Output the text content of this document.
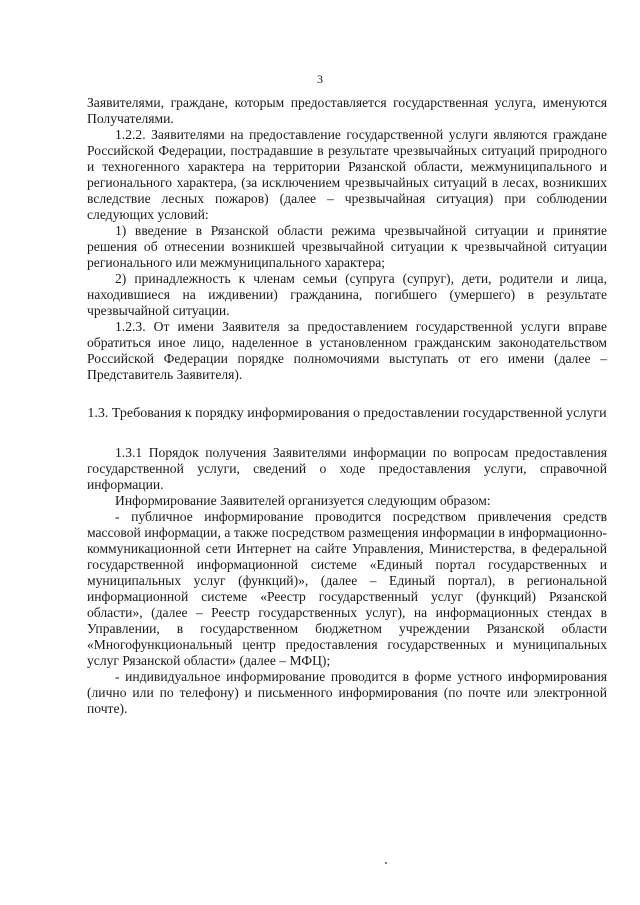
3

Заявителями, граждане, которым предоставляется государственная услуга, именуются Получателями.

1.2.2. Заявителями на предоставление государственной услуги являются граждане Российской Федерации, пострадавшие в результате чрезвычайных ситуаций природного и техногенного характера на территории Рязанской области, межмуниципального и регионального характера, (за исключением чрезвычайных ситуаций в лесах, возникших вследствие лесных пожаров) (далее – чрезвычайная ситуация) при соблюдении следующих условий:

1) введение в Рязанской области режима чрезвычайной ситуации и принятие решения об отнесении возникшей чрезвычайной ситуации к чрезвычайной ситуации регионального или межмуниципального характера;

2) принадлежность к членам семьи (супруга (супруг), дети, родители и лица, находившиеся на иждивении) гражданина, погибшего (умершего) в результате чрезвычайной ситуации.

1.2.3. От имени Заявителя за предоставлением государственной услуги вправе обратиться иное лицо, наделенное в установленном гражданским законодательством Российской Федерации порядке полномочиями выступать от его имени (далее – Представитель Заявителя).

1.3. Требования к порядку информирования о предоставлении государственной услуги

1.3.1 Порядок получения Заявителями информации по вопросам предоставления государственной услуги, сведений о ходе предоставления услуги, справочной информации.

Информирование Заявителей организуется следующим образом:

- публичное информирование проводится посредством привлечения средств массовой информации, а также посредством размещения информации в информационно-коммуникационной сети Интернет на сайте Управления, Министерства, в федеральной государственной информационной системе «Единый портал государственных и муниципальных услуг (функций)», (далее – Единый портал), в региональной информационной системе «Реестр государственный услуг (функций) Рязанской области», (далее – Реестр государственных услуг), на информационных стендах в Управлении, в государственном бюджетном учреждении Рязанской области «Многофункциональный центр предоставления государственных и муниципальных услуг Рязанской области» (далее – МФЦ);

- индивидуальное информирование проводится в форме устного информирования (лично или по телефону) и письменного информирования (по почте или электронной почте).
